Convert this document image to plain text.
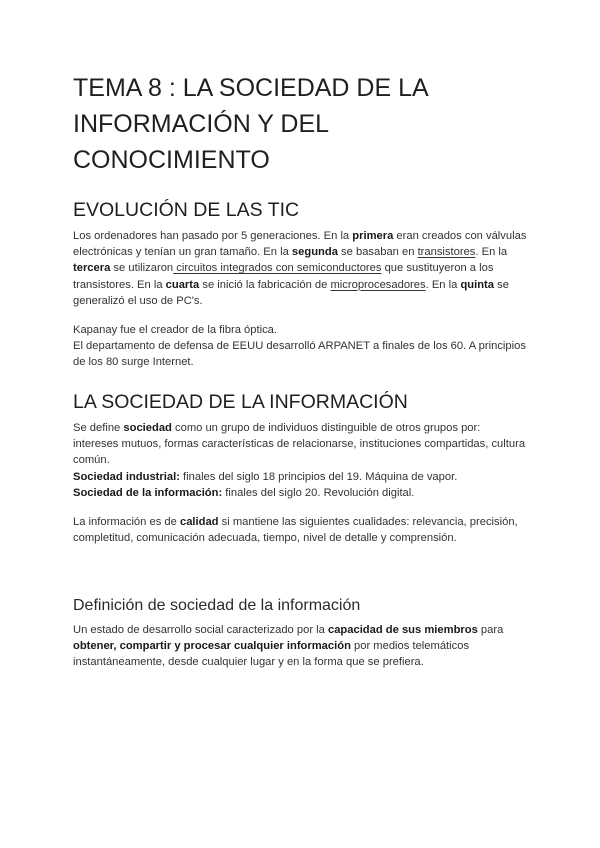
TEMA 8 : LA SOCIEDAD DE LA
INFORMACIÓN Y DEL
CONOCIMIENTO
EVOLUCIÓN DE LAS TIC

Los ordenadores han pasado por 5 generaciones. En la primera eran creados con válvulas electrónicas y tenían un gran tamaño. En la segunda se basaban en transistores. En la tercera se utilizaron circuitos integrados con semiconductores que sustituyeron a los transistores. En la cuarta se inició la fabricación de microprocesadores. En la quinta se generalizó el uso de PC's.

Kapanay fue el creador de la fibra óptica.
El departamento de defensa de EEUU desarrolló ARPANET a finales de los 60. A principios de los 80 surge Internet.

LA SOCIEDAD DE LA INFORMACIÓN

Se define sociedad como un grupo de individuos distinguible de otros grupos por: intereses mutuos, formas características de relacionarse, instituciones compartidas, cultura común.
Sociedad industrial: finales del siglo 18 principios del 19. Máquina de vapor.
Sociedad de la información: finales del siglo 20. Revolución digital.

La información es de calidad si mantiene las siguientes cualidades: relevancia, precisión, completitud, comunicación adecuada, tiempo, nivel de detalle y comprensión.

Definición de sociedad de la información

Un estado de desarrollo social caracterizado por la capacidad de sus miembros para obtener, compartir y procesar cualquier información por medios telemáticos instantáneamente, desde cualquier lugar y en la forma que se prefiera.
